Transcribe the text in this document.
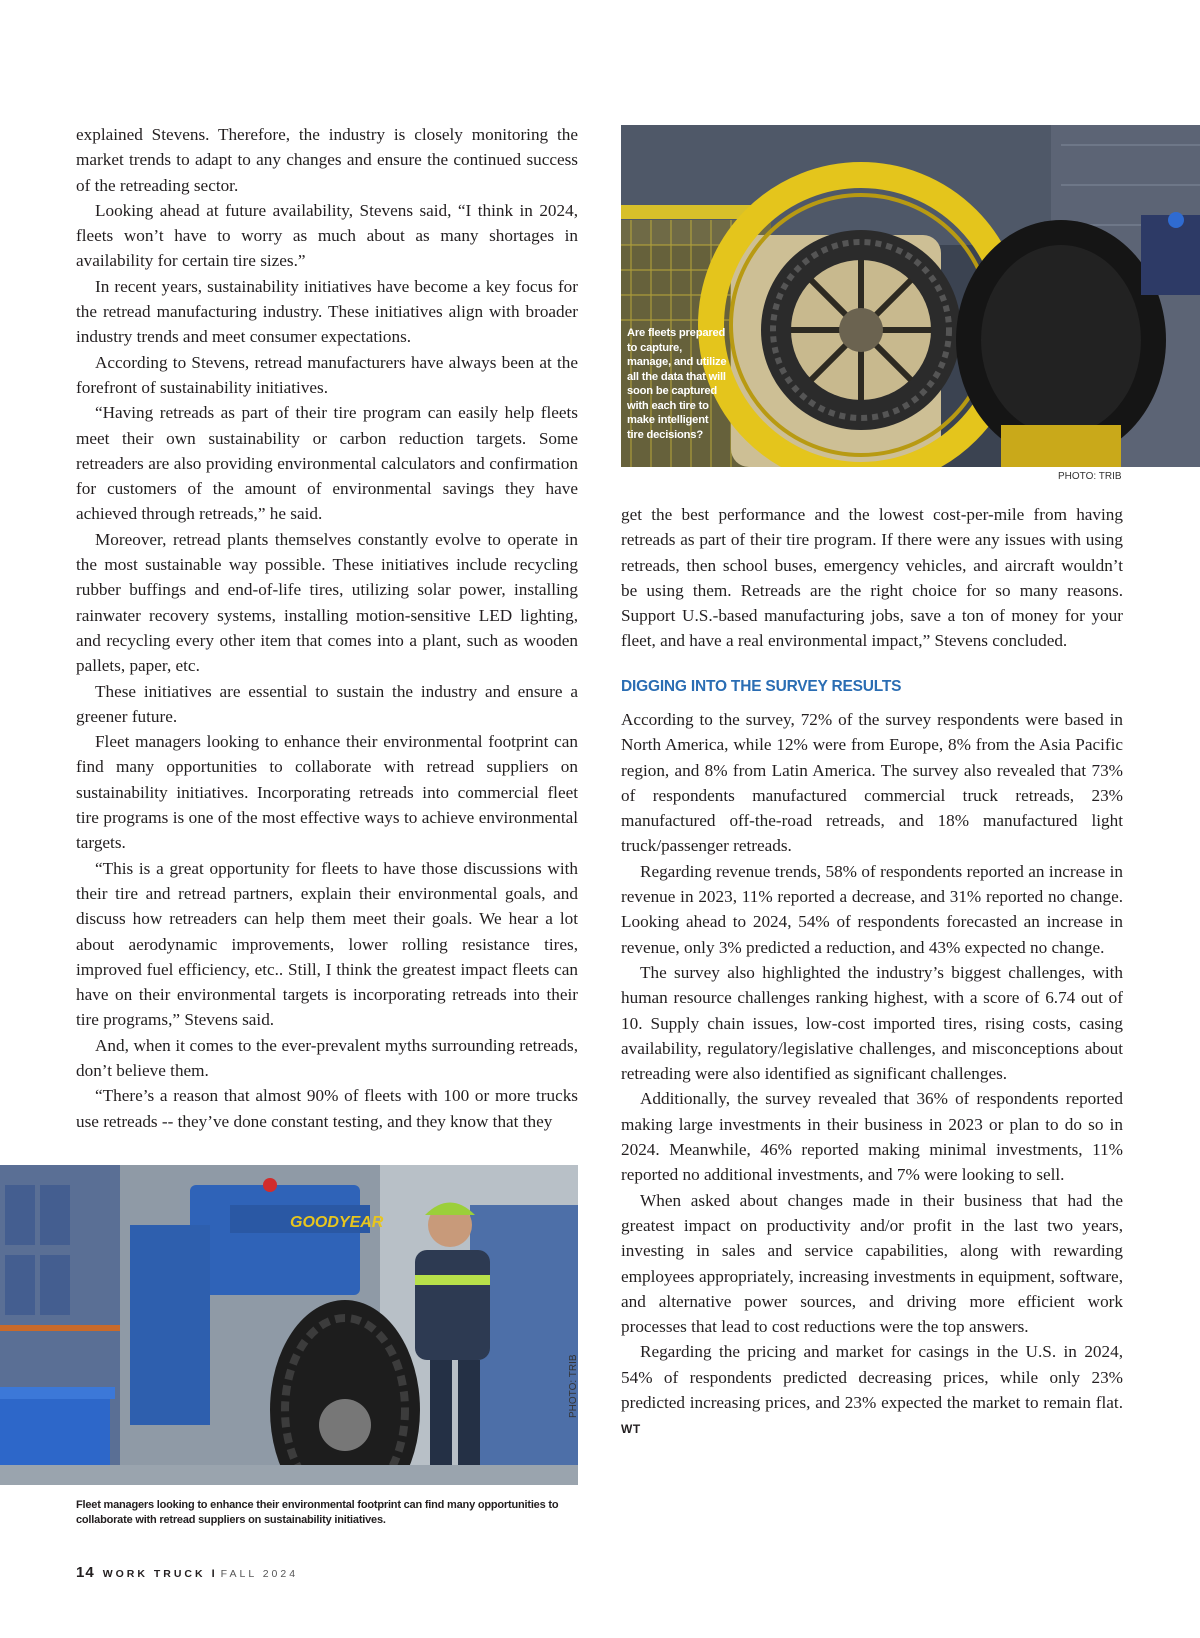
explained Stevens. Therefore, the industry is closely monitoring the market trends to adapt to any changes and ensure the continued success of the retreading sector.

Looking ahead at future availability, Stevens said, “I think in 2024, fleets won’t have to worry as much about as many shortages in availability for certain tire sizes.”

In recent years, sustainability initiatives have become a key focus for the retread manufacturing industry. These initiatives align with broader industry trends and meet consumer expectations.

According to Stevens, retread manufacturers have always been at the forefront of sustainability initiatives.

“Having retreads as part of their tire program can easily help fleets meet their own sustainability or carbon reduction targets. Some retreaders are also providing environmental calculators and confirmation for customers of the amount of environmental savings they have achieved through retreads,” he said.

Moreover, retread plants themselves constantly evolve to operate in the most sustainable way possible. These initiatives include recycling rubber buffings and end-of-life tires, utilizing solar power, installing rainwater recovery systems, installing motion-sensitive LED lighting, and recycling every other item that comes into a plant, such as wooden pallets, paper, etc.

These initiatives are essential to sustain the industry and ensure a greener future.

Fleet managers looking to enhance their environmental footprint can find many opportunities to collaborate with retread suppliers on sustainability initiatives. Incorporating retreads into commercial fleet tire programs is one of the most effective ways to achieve environmental targets.

“This is a great opportunity for fleets to have those discussions with their tire and retread partners, explain their environmental goals, and discuss how retreaders can help them meet their goals. We hear a lot about aerodynamic improvements, lower rolling resistance tires, improved fuel efficiency, etc.. Still, I think the greatest impact fleets can have on their environmental targets is incorporating retreads into their tire programs,” Stevens said.

And, when it comes to the ever-prevalent myths surrounding retreads, don’t believe them.

“There’s a reason that almost 90% of fleets with 100 or more trucks use retreads -- they’ve done constant testing, and they know that they

Are fleets prepared to capture, manage, and utilize all the data that will soon be captured with each tire to make intelligent tire decisions?
PHOTO: TRIB

get the best performance and the lowest cost-per-mile from having retreads as part of their tire program. If there were any issues with using retreads, then school buses, emergency vehicles, and aircraft wouldn’t be using them. Retreads are the right choice for so many reasons. Support U.S.-based manufacturing jobs, save a ton of money for your fleet, and have a real environmental impact,” Stevens concluded.

DIGGING INTO THE SURVEY RESULTS

According to the survey, 72% of the survey respondents were based in North America, while 12% were from Europe, 8% from the Asia Pacific region, and 8% from Latin America. The survey also revealed that 73% of respondents manufactured commercial truck retreads, 23% manufactured off-the-road retreads, and 18% manufactured light truck/passenger retreads.

Regarding revenue trends, 58% of respondents reported an increase in revenue in 2023, 11% reported a decrease, and 31% reported no change. Looking ahead to 2024, 54% of respondents forecasted an increase in revenue, only 3% predicted a reduction, and 43% expected no change.

The survey also highlighted the industry’s biggest challenges, with human resource challenges ranking highest, with a score of 6.74 out of 10. Supply chain issues, low-cost imported tires, rising costs, casing availability, regulatory/legislative challenges, and misconceptions about retreading were also identified as significant challenges.

Additionally, the survey revealed that 36% of respondents reported making large investments in their business in 2023 or plan to do so in 2024. Meanwhile, 46% reported making minimal investments, 11% reported no additional investments, and 7% were looking to sell.

When asked about changes made in their business that had the greatest impact on productivity and/or profit in the last two years, investing in sales and service capabilities, along with rewarding employees appropriately, increasing investments in equipment, software, and alternative power sources, and driving more efficient work processes that lead to cost reductions were the top answers.

Regarding the pricing and market for casings in the U.S. in 2024, 54% of respondents predicted decreasing prices, while only 23% predicted increasing prices, and 23% expected the market to remain flat. WT

GOODYEAR
PHOTO: TRIB
Fleet managers looking to enhance their environmental footprint can find many opportunities to collaborate with retread suppliers on sustainability initiatives.
14 WORK TRUCK I FALL 2024
